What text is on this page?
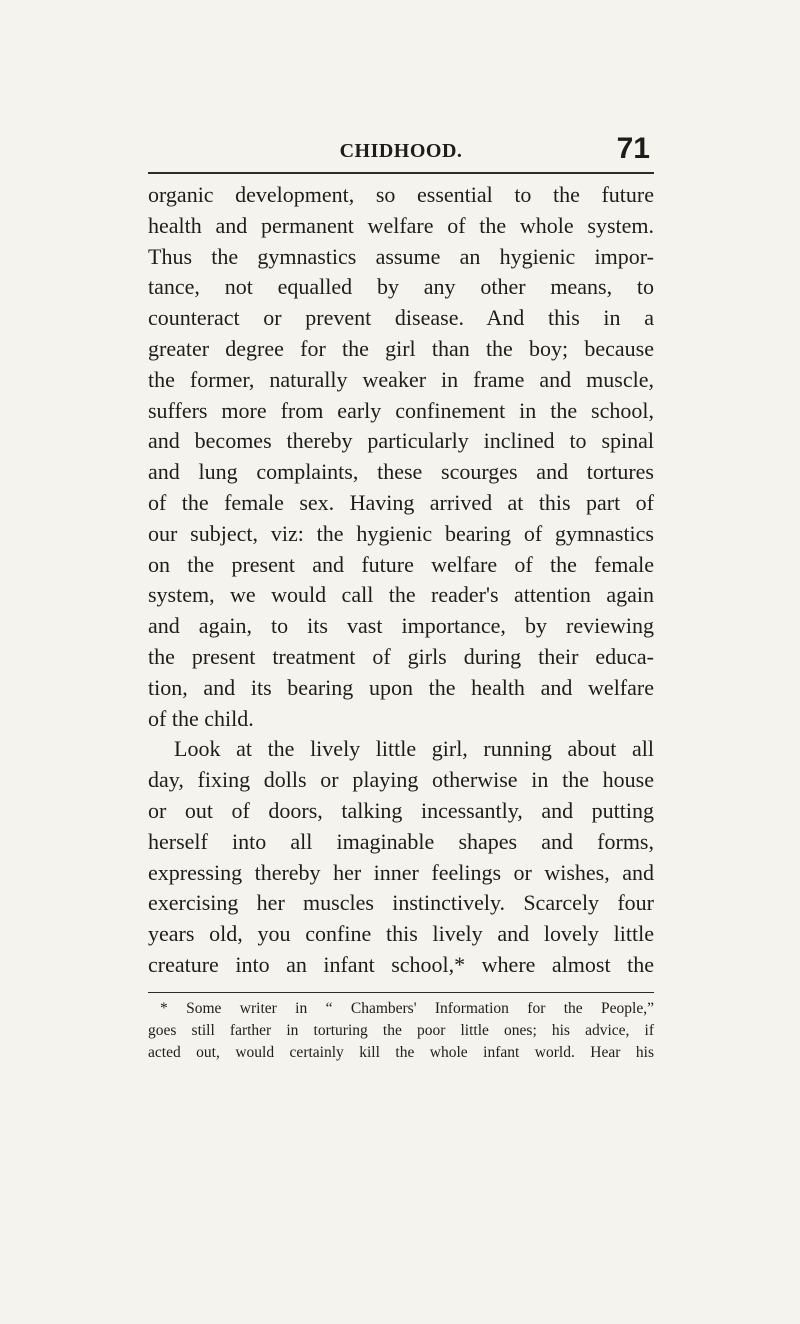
CHIDHOOD.	71
organic development, so essential to the future
health and permanent welfare of the whole system.
Thus the gymnastics assume an hygienic impor-
tance, not equalled by any other means, to
counteract or prevent disease. And this in a
greater degree for the girl than the boy; because
the former, naturally weaker in frame and muscle,
suffers more from early confinement in the school,
and becomes thereby particularly inclined to spinal
and lung complaints, these scourges and tortures
of the female sex. Having arrived at this part of
our subject, viz: the hygienic bearing of gymnastics
on the present and future welfare of the female
system, we would call the reader's attention again
and again, to its vast importance, by reviewing
the present treatment of girls during their educa-
tion, and its bearing upon the health and welfare
of the child.
Look at the lively little girl, running about all
day, fixing dolls or playing otherwise in the house
or out of doors, talking incessantly, and putting
herself into all imaginable shapes and forms,
expressing thereby her inner feelings or wishes, and
exercising her muscles instinctively. Scarcely four
years old, you confine this lively and lovely little
creature into an infant school,* where almost the
* Some writer in “ Chambers' Information for the People,”
goes still farther in torturing the poor little ones; his advice, if
acted out, would certainly kill the whole infant world. Hear his
